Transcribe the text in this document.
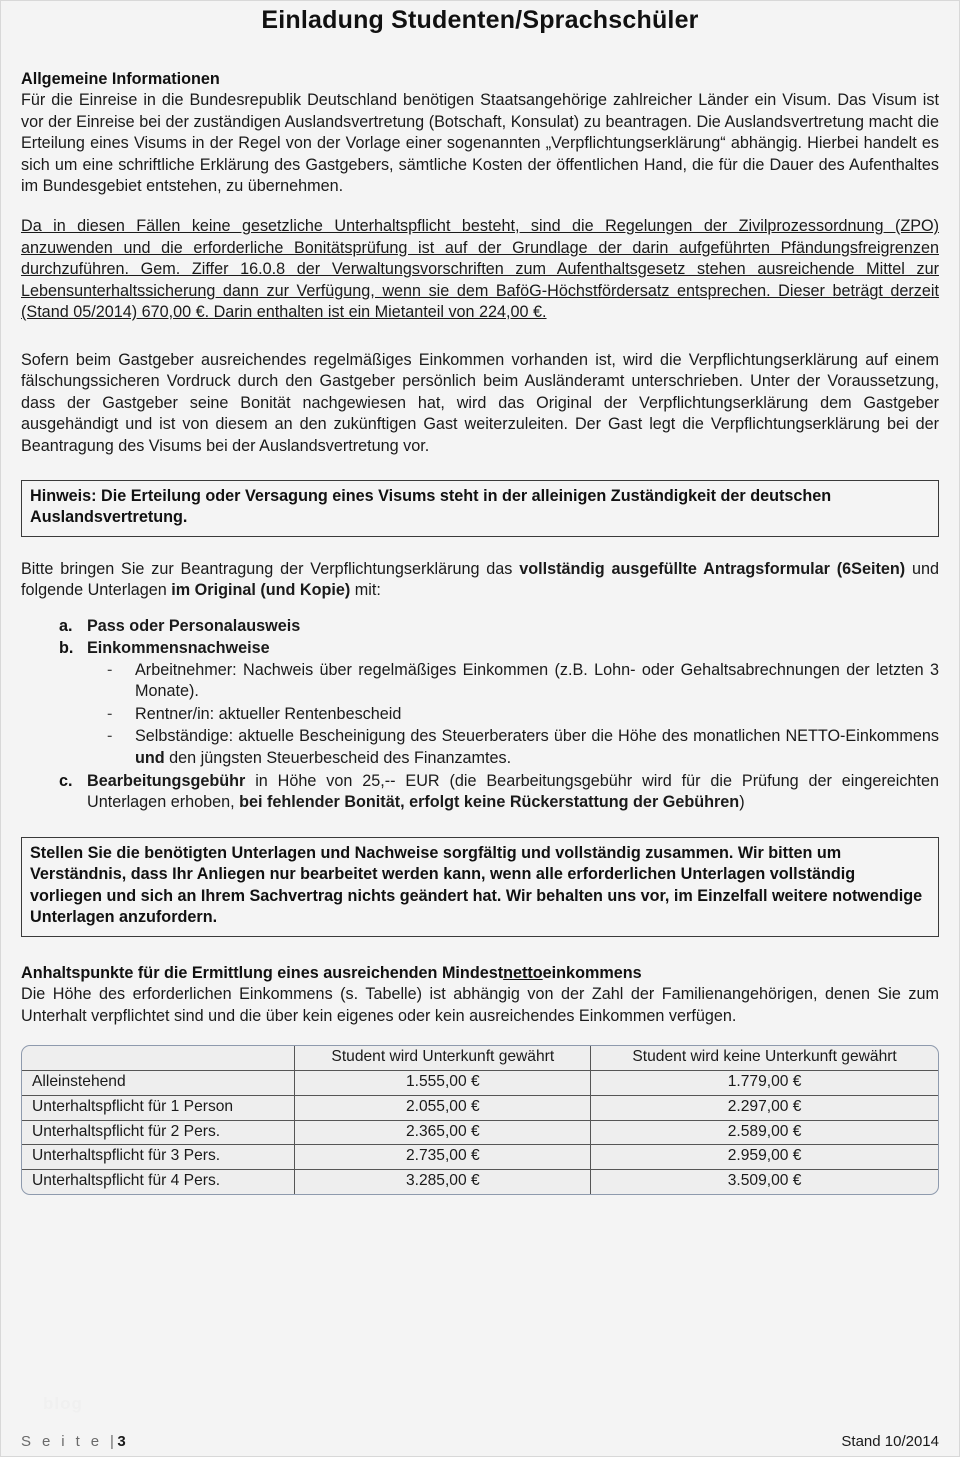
Einladung Studenten/Sprachschüler
Allgemeine Informationen

Für die Einreise in die Bundesrepublik Deutschland benötigen Staatsangehörige zahlreicher Länder ein Visum. Das Visum ist vor der Einreise bei der zuständigen Auslandsvertretung (Botschaft, Konsulat) zu beantragen. Die Auslandsvertretung macht die Erteilung eines Visums in der Regel von der Vorlage einer sogenannten „Verpflichtungserklärung“ abhängig. Hierbei handelt es sich um eine schriftliche Erklärung des Gastgebers, sämtliche Kosten der öffentlichen Hand, die für die Dauer des Aufenthaltes im Bundesgebiet entstehen, zu übernehmen.

Da in diesen Fällen keine gesetzliche Unterhaltspflicht besteht, sind die Regelungen der Zivilprozessordnung (ZPO) anzuwenden und die erforderliche Bonitätsprüfung ist auf der Grundlage der darin aufgeführten Pfändungsfreigrenzen durchzuführen. Gem. Ziffer 16.0.8 der Verwaltungsvorschriften zum Aufenthaltsgesetz stehen ausreichende Mittel zur Lebensunterhaltssicherung dann zur Verfügung, wenn sie dem BaföG-Höchstfördersatz entsprechen. Dieser beträgt derzeit (Stand 05/2014) 670,00 €. Darin enthalten ist ein Mietanteil von 224,00 €.

Sofern beim Gastgeber ausreichendes regelmäßiges Einkommen vorhanden ist, wird die Verpflichtungserklärung auf einem fälschungssicheren Vordruck durch den Gastgeber persönlich beim Ausländeramt unterschrieben. Unter der Voraussetzung, dass der Gastgeber seine Bonität nachgewiesen hat, wird das Original der Verpflichtungserklärung dem Gastgeber ausgehändigt und ist von diesem an den zukünftigen Gast weiterzuleiten. Der Gast legt die Verpflichtungserklärung bei der Beantragung des Visums bei der Auslandsvertretung vor.

Hinweis: Die Erteilung oder Versagung eines Visums steht in der alleinigen Zuständigkeit der deutschen Auslandsvertretung.

Bitte bringen Sie zur Beantragung der Verpflichtungserklärung das vollständig ausgefüllte Antragsformular (6Seiten) und folgende Unterlagen im Original (und Kopie) mit:

a. Pass oder Personalausweis
b. Einkommensnachweise
- Arbeitnehmer: Nachweis über regelmäßiges Einkommen (z.B. Lohn- oder Gehaltsabrechnungen der letzten 3 Monate).
- Rentner/in: aktueller Rentenbescheid
- Selbständige: aktuelle Bescheinigung des Steuerberaters über die Höhe des monatlichen NETTO-Einkommens und den jüngsten Steuerbescheid des Finanzamtes.
c. Bearbeitungsgebühr in Höhe von 25,-- EUR (die Bearbeitungsgebühr wird für die Prüfung der eingereichten Unterlagen erhoben, bei fehlender Bonität, erfolgt keine Rückerstattung der Gebühren)
Stellen Sie die benötigten Unterlagen und Nachweise sorgfältig und vollständig zusammen. Wir bitten um Verständnis, dass Ihr Anliegen nur bearbeitet werden kann, wenn alle erforderlichen Unterlagen vollständig vorliegen und sich an Ihrem Sachvertrag nichts geändert hat. Wir behalten uns vor, im Einzelfall weitere notwendige Unterlagen anzufordern.
Anhaltspunkte für die Ermittlung eines ausreichenden Mindestnettoeinkommens

Die Höhe des erforderlichen Einkommens (s. Tabelle) ist abhängig von der Zahl der Familienangehörigen, denen Sie zum Unterhalt verpflichtet sind und die über kein eigenes oder kein ausreichendes Einkommen verfügen.

	Student wird Unterkunft gewährt	Student wird keine Unterkunft gewährt
Alleinstehend	1.555,00 €	1.779,00 €
Unterhaltspflicht für 1 Person	2.055,00 €	2.297,00 €
Unterhaltspflicht für 2 Pers.	2.365,00 €	2.589,00 €
Unterhaltspflicht für 3 Pers.	2.735,00 €	2.959,00 €
Unterhaltspflicht für 4 Pers.	3.285,00 €	3.509,00 €
blog
S e i t e |3	Stand 10/2014
